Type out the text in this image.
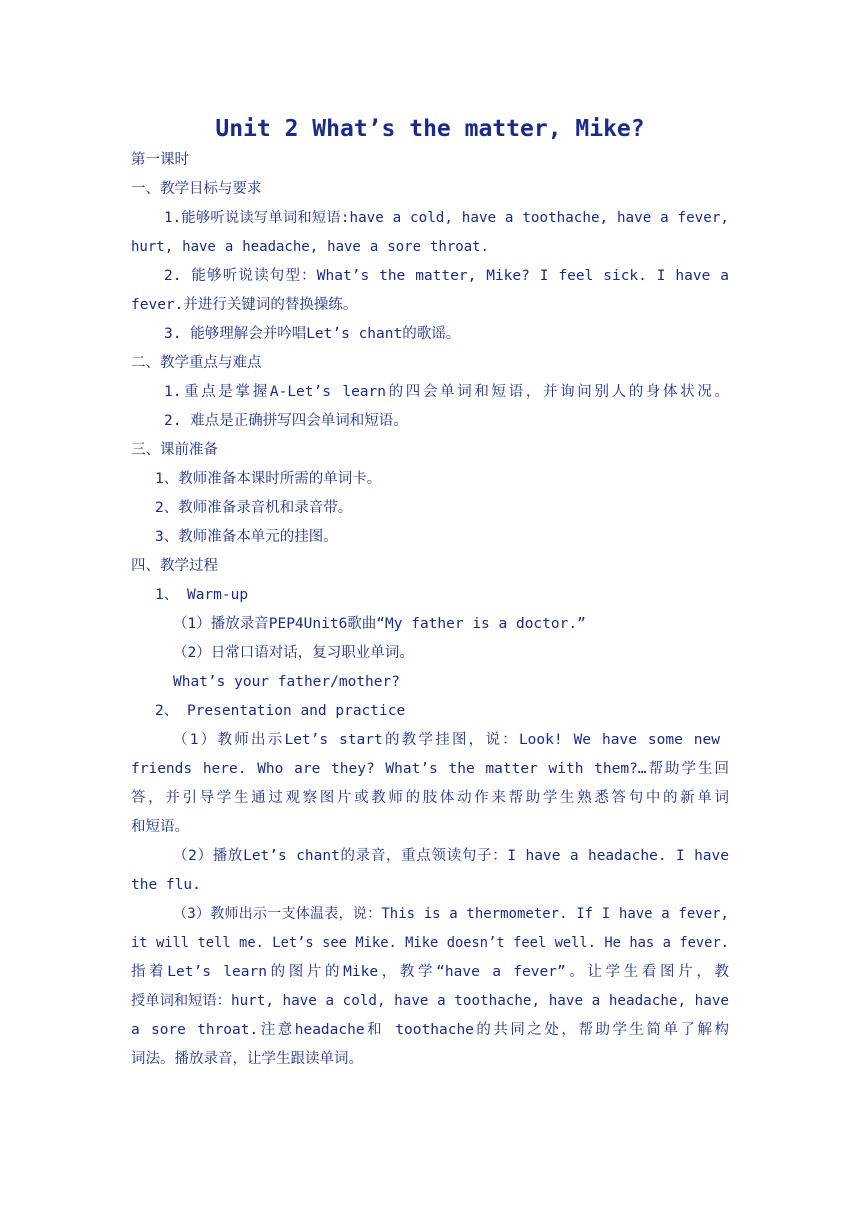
Unit 2 What’s the matter, Mike?
第一课时
一、教学目标与要求
1.能够听说读写单词和短语:have a cold, have a toothache, have a fever,
hurt, have a headache, have a sore throat.
2. 能够听说读句型：What’s the matter, Mike? I feel sick. I have a
fever.并进行关键词的替换操练。
3. 能够理解会并吟唱Let’s chant的歌谣。
二、教学重点与难点
1.重点是掌握A-Let’s learn的四会单词和短语，并询问别人的身体状况。
2. 难点是正确拼写四会单词和短语。
三、课前准备
1、教师准备本课时所需的单词卡。
2、教师准备录音机和录音带。
3、教师准备本单元的挂图。
四、教学过程
1、 Warm-up
（1）播放录音PEP4Unit6歌曲“My father is a doctor.”
（2）日常口语对话，复习职业单词。
What’s your father/mother?
2、 Presentation and practice
（1）教师出示Let’s start的教学挂图，说：Look! We have some new
friends here. Who are they? What’s the matter with them?…帮助学生回
答，并引导学生通过观察图片或教师的肢体动作来帮助学生熟悉答句中的新单词
和短语。
（2）播放Let’s chant的录音，重点领读句子：I have a headache. I have
the flu.
（3）教师出示一支体温表，说：This is a thermometer. If I have a fever,
it will tell me. Let’s see Mike. Mike doesn’t feel well. He has a fever.
指着Let’s learn的图片的Mike，教学“have a fever”。让学生看图片，教
授单词和短语：hurt, have a cold, have a toothache, have a headache, have
a sore throat.注意headache和 toothache的共同之处，帮助学生简单了解构
词法。播放录音，让学生跟读单词。
